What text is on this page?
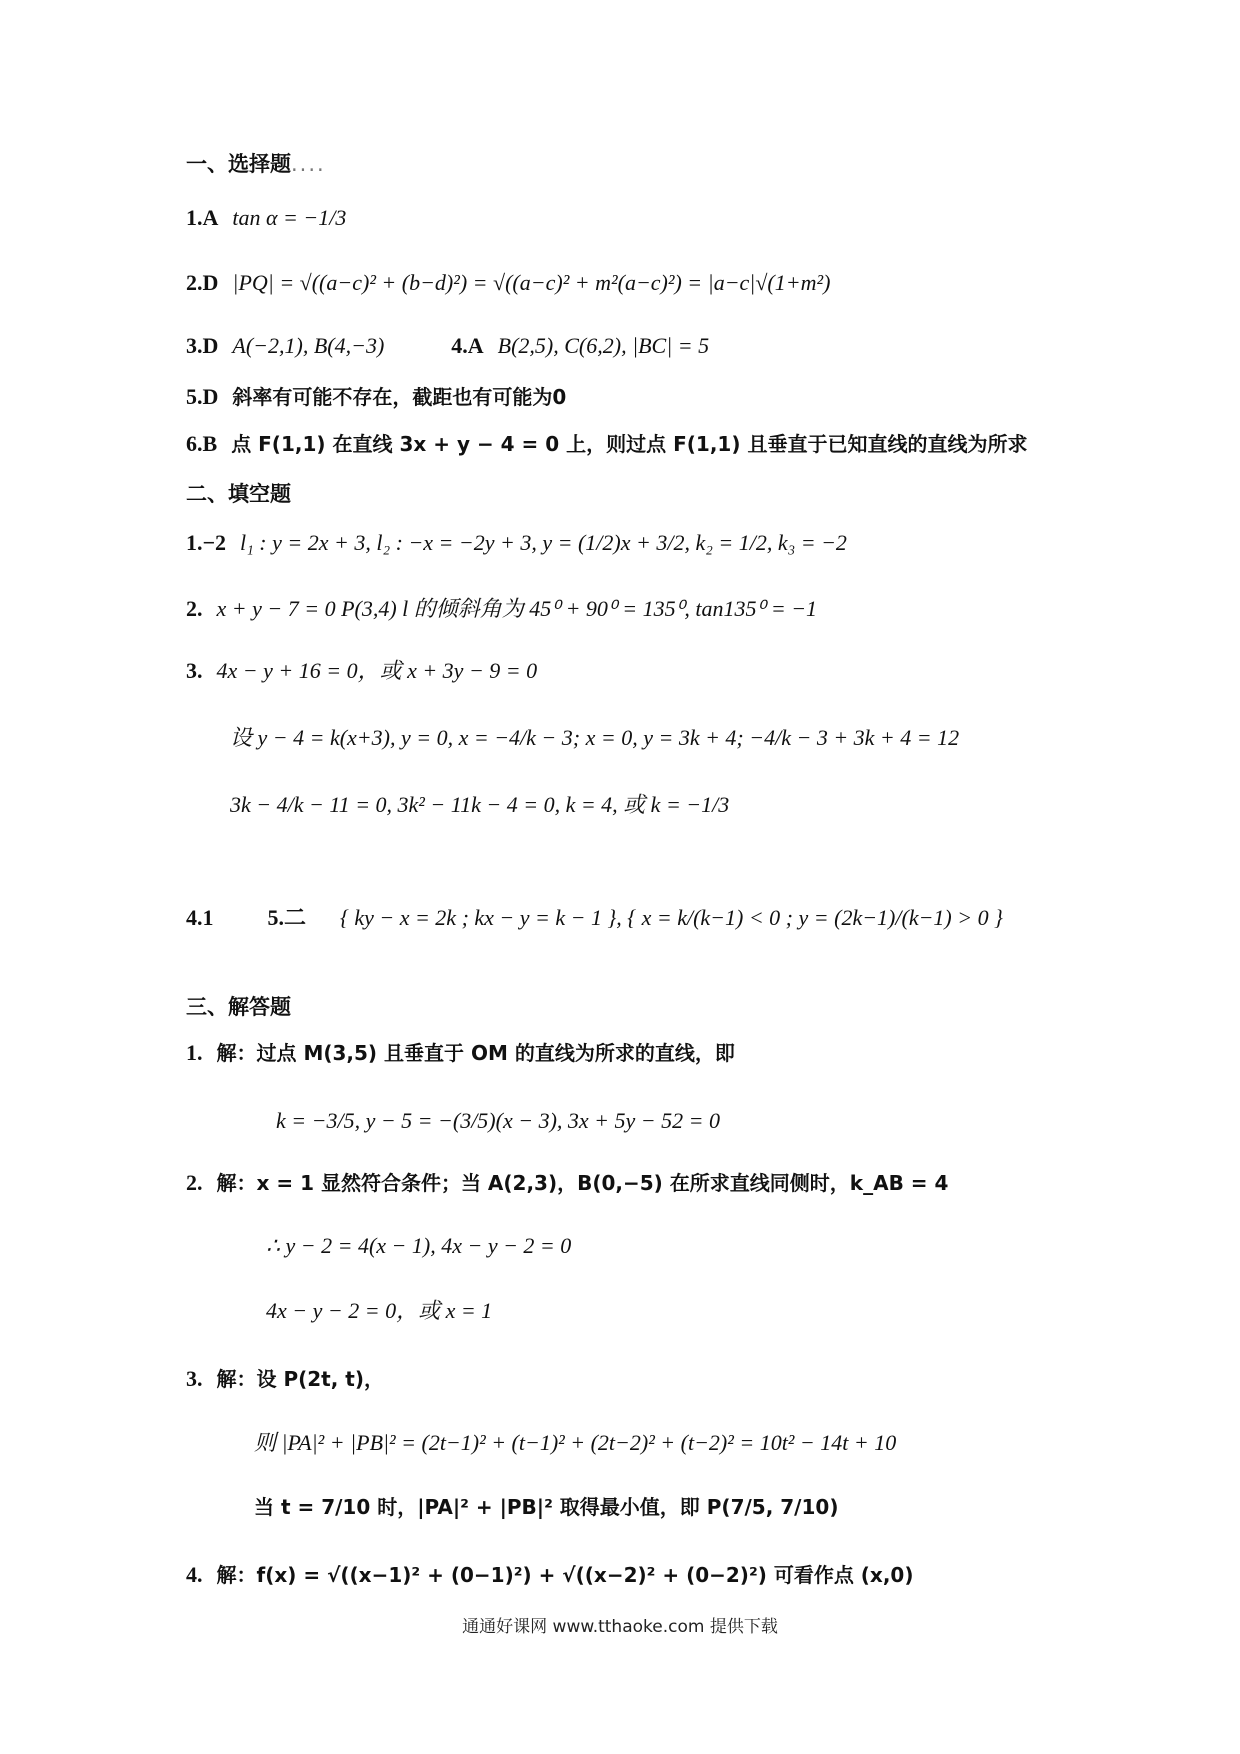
一、选择题....
1.A tan α = −1/3
2.D |PQ| = √((a−c)² + (b−d)²) = √((a−c)² + m²(a−c)²) = |a−c|√(1+m²)
3.D A(−2,1), B(4,−3)	4.A B(2,5), C(6,2), |BC| = 5
5.D 斜率有可能不存在，截距也有可能为0
6.B 点 F(1,1) 在直线 3x + y − 4 = 0 上，则过点 F(1,1) 且垂直于已知直线的直线为所求
二、填空题
1.−2 l₁ : y = 2x + 3, l₂ : −x = −2y + 3, y = (1/2)x + 3/2, k₂ = 1/2, k₃ = −2
2. x + y − 7 = 0 P(3,4) l 的倾斜角为 45⁰ + 90⁰ = 135⁰, tan135⁰ = −1
3. 4x − y + 16 = 0，或 x + 3y − 9 = 0
设 y − 4 = k(x+3), y = 0, x = −4/k − 3; x = 0, y = 3k + 4; −4/k − 3 + 3k + 4 = 12
3k − 4/k − 11 = 0, 3k² − 11k − 4 = 0, k = 4, 或 k = −1/3
4.1 5.二 { ky − x = 2k ; kx − y = k − 1 }, { x = k/(k−1) < 0 ; y = (2k−1)/(k−1) > 0 }
三、解答题
1. 解：过点 M(3,5) 且垂直于 OM 的直线为所求的直线，即
k = −3/5, y − 5 = −(3/5)(x − 3), 3x + 5y − 52 = 0
2. 解：x = 1 显然符合条件；当 A(2,3)，B(0,−5) 在所求直线同侧时，k_AB = 4
∴ y − 2 = 4(x − 1), 4x − y − 2 = 0
4x − y − 2 = 0，或 x = 1
3. 解：设 P(2t, t)，
则 |PA|² + |PB|² = (2t−1)² + (t−1)² + (2t−2)² + (t−2)² = 10t² − 14t + 10
当 t = 7/10 时，|PA|² + |PB|² 取得最小值，即 P(7/5, 7/10)
4. 解：f(x) = √((x−1)² + (0−1)²) + √((x−2)² + (0−2)²) 可看作点 (x,0)
通通好课网 www.tthaoke.com 提供下载
